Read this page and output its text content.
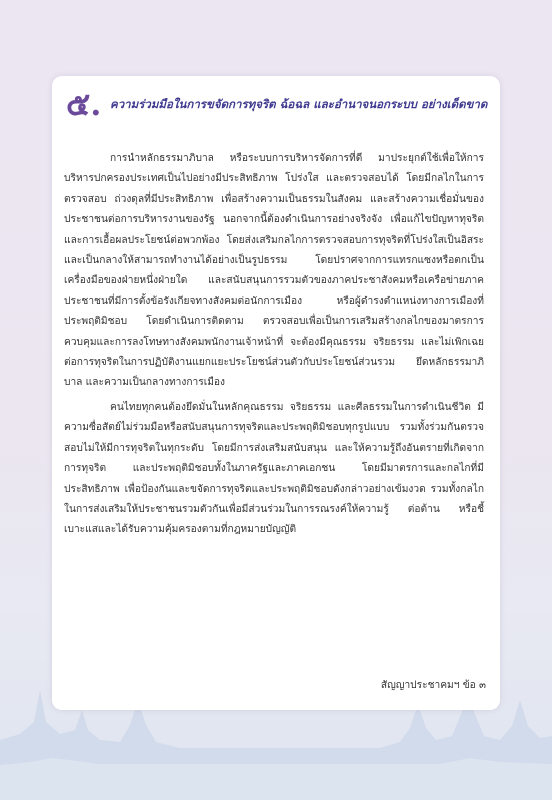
๕. ความร่วมมือในการขจัดการทุจริต ฉ้อฉล และอำนาจนอกระบบ อย่างเด็ดขาด

การนำหลักธรรมาภิบาล หรือระบบการบริหารจัดการที่ดี มาประยุกต์ใช้เพื่อให้การบริหารปกครองประเทศเป็นไปอย่างมีประสิทธิภาพ โปร่งใส และตรวจสอบได้ โดยมีกลไกในการตรวจสอบ ถ่วงดุลที่มีประสิทธิภาพ เพื่อสร้างความเป็นธรรมในสังคม และสร้างความเชื่อมั่นของประชาชนต่อการบริหารงานของรัฐ นอกจากนี้ต้องดำเนินการอย่างจริงจัง เพื่อแก้ไขปัญหาทุจริตและการเอื้อผลประโยชน์ต่อพวกพ้อง โดยส่งเสริมกลไกการตรวจสอบการทุจริตที่โปร่งใสเป็นอิสระ และเป็นกลางให้สามารถทำงานได้อย่างเป็นรูปธรรม โดยปราศจากการแทรกแซงหรือตกเป็นเครื่องมือของฝ่ายหนึ่งฝ่ายใด และสนับสนุนการรวมตัวของภาคประชาสังคมหรือเครือข่ายภาคประชาชนที่มีการตั้งข้อรังเกียจทางสังคมต่อนักการเมือง หรือผู้ดำรงตำแหน่งทางการเมืองที่ประพฤติมิชอบ โดยดำเนินการติดตาม ตรวจสอบเพื่อเป็นการเสริมสร้างกลไกของมาตรการควบคุมและการลงโทษทางสังคมพนักงานเจ้าหน้าที่ จะต้องมีคุณธรรม จริยธรรม และไม่เพิกเฉยต่อการทุจริตในการปฏิบัติงานแยกแยะประโยชน์ส่วนตัวกับประโยชน์ส่วนรวม ยึดหลักธรรมาภิบาล และความเป็นกลางทางการเมือง

คนไทยทุกคนต้องยึดมั่นในหลักคุณธรรม จริยธรรม และศีลธรรมในการดำเนินชีวิต มีความซื่อสัตย์ไม่ร่วมมือหรือสนับสนุนการทุจริตและประพฤติมิชอบทุกรูปแบบ รวมทั้งร่วมกันตรวจสอบไม่ให้มีการทุจริตในทุกระดับ โดยมีการส่งเสริมสนับสนุน และให้ความรู้ถึงอันตรายที่เกิดจากการทุจริต และประพฤติมิชอบทั้งในภาครัฐและภาคเอกชน โดยมีมาตรการและกลไกที่มีประสิทธิภาพ เพื่อป้องกันและขจัดการทุจริตและประพฤติมิชอบดังกล่าวอย่างเข้มงวด รวมทั้งกลไกในการส่งเสริมให้ประชาชนรวมตัวกันเพื่อมีส่วนร่วมในการรณรงค์ให้ความรู้ ต่อต้าน หรือชี้เบาะแสและได้รับความคุ้มครองตามที่กฎหมายบัญญัติ

สัญญาประชาคมฯ ข้อ ๓
